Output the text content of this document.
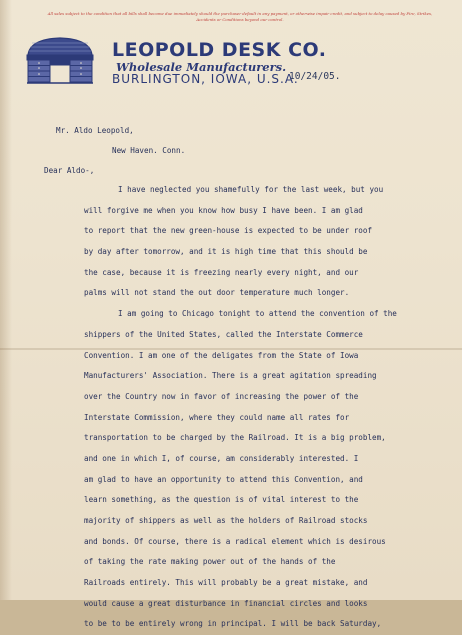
All sales subject to the condition that all bills shall become due immediately should the purchaser default in any payment, or otherwise impair credit, and subject to delay caused by Fire, Strikes, Accidents or Conditions beyond our control.

LEOPOLD DESK CO.

Wholesale Manufacturers.

BURLINGTON, IOWA, U.S.A.

10/24/05.

Mr. Aldo Leopold,

New Haven. Conn.

Dear Aldo-,

I have neglected you shamefully for the last week, but you
will forgive me when you know how busy I have been. I am glad
to report that the new green-house is expected to be under roof
by day after tomorrow, and it is high time that this should be
the case, because it is freezing nearly every night, and our
palms will not stand the out door temperature much longer.
I am going to Chicago tonight to attend the convention of the
shippers of the United States, called the Interstate Commerce
Convention. I am one of the deligates from the State of Iowa
Manufacturers' Association. There is a great agitation spreading
over the Country now in favor of increasing the power of the
Interstate Commission, where they could name all rates for
transportation to be charged by the Railroad. It is a big problem,
and one in which I, of course, am considerably interested. I
am glad to have an opportunity to attend this Convention, and
learn something, as the question is of vital interest to the
majority of shippers as well as the holders of Railroad stocks
and bonds. Of course, there is a radical element which is desirous
of taking the rate making power out of the hands of the
Railroads entirely. This will probably be a great mistake, and
would cause a great disturbance in financial circles and looks
to be to be entirely wrong in principal. I will be back Saturday,
